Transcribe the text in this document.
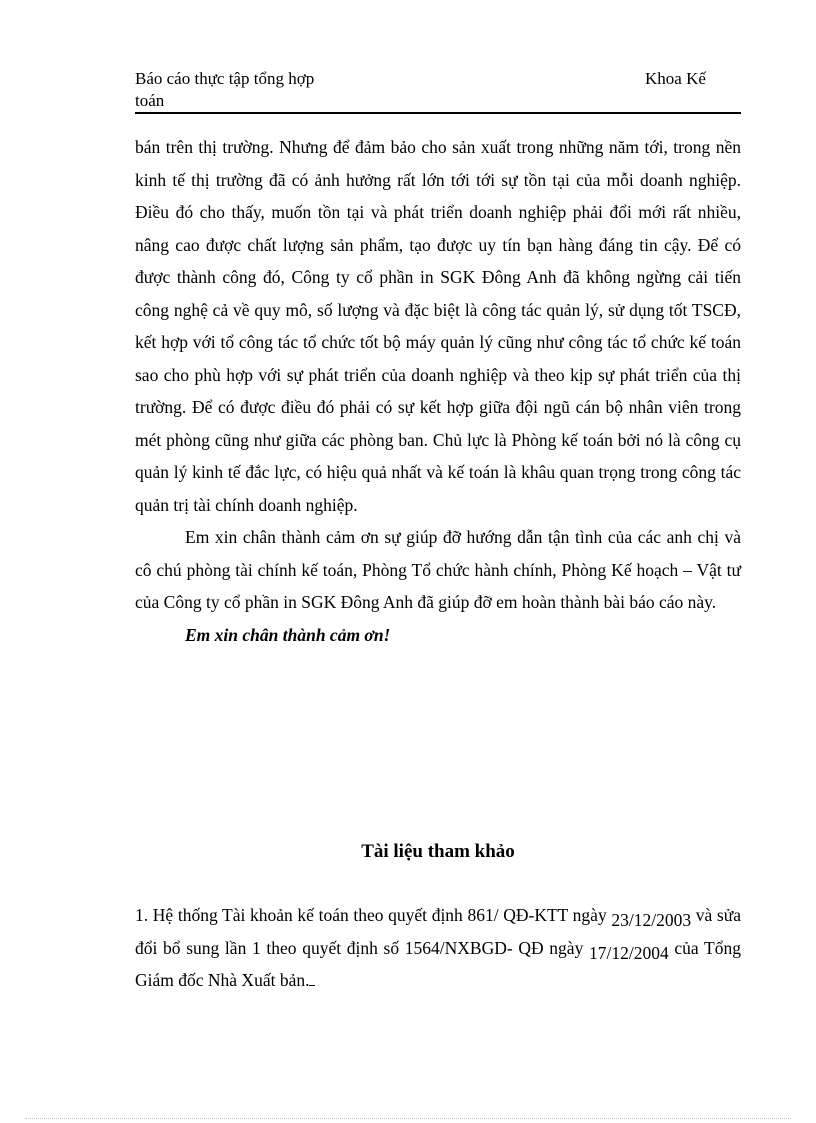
Báo cáo thực tập tổng hợp	Khoa Kế
toán

bán trên thị trường. Nhưng để đảm bảo cho sản xuất trong những năm tới, trong nền kinh tế thị trường đã có ảnh hưởng rất lớn tới tới sự tồn tại của mỗi doanh nghiệp. Điều đó cho thấy, muốn tồn tại và phát triển doanh nghiệp phải đổi mới rất nhiều, nâng cao được chất lượng sản phẩm, tạo được uy tín bạn hàng đáng tin cậy. Để có được thành công đó, Công ty cổ phần in SGK Đông Anh đã không ngừng cải tiến công nghệ cả về quy mô, số lượng và đặc biệt là công tác quản lý, sử dụng tốt TSCĐ, kết hợp với tổ công tác tổ chức tốt bộ máy quản lý cũng như công tác tổ chức kế toán sao cho phù hợp với sự phát triển của doanh nghiệp và theo kịp sự phát triển của thị trường. Để có được điều đó phải có sự kết hợp giữa đội ngũ cán bộ nhân viên trong mét phòng cũng như giữa các phòng ban. Chủ lực là Phòng kế toán bởi nó là công cụ quản lý kinh tế đắc lực, có hiệu quả nhất và kế toán là khâu quan trọng trong công tác quản trị tài chính doanh nghiệp.

Em xin chân thành cảm ơn sự giúp đỡ hướng dẫn tận tình của các anh chị và cô chú phòng tài chính kế toán, Phòng Tổ chức hành chính, Phòng Kế hoạch – Vật tư của Công ty cổ phần in SGK Đông Anh đã giúp đỡ em hoàn thành bài báo cáo này.

Em xin chân thành cảm ơn!

Tài liệu tham khảo

1. Hệ thống Tài khoản kế toán theo quyết định 861/ QĐ-KTT ngày 23/12/2003 và sửa đổi bổ sung lần 1 theo quyết định số 1564/NXBGD- QĐ ngày 17/12/2004 của Tổng Giám đốc Nhà Xuất bản.
